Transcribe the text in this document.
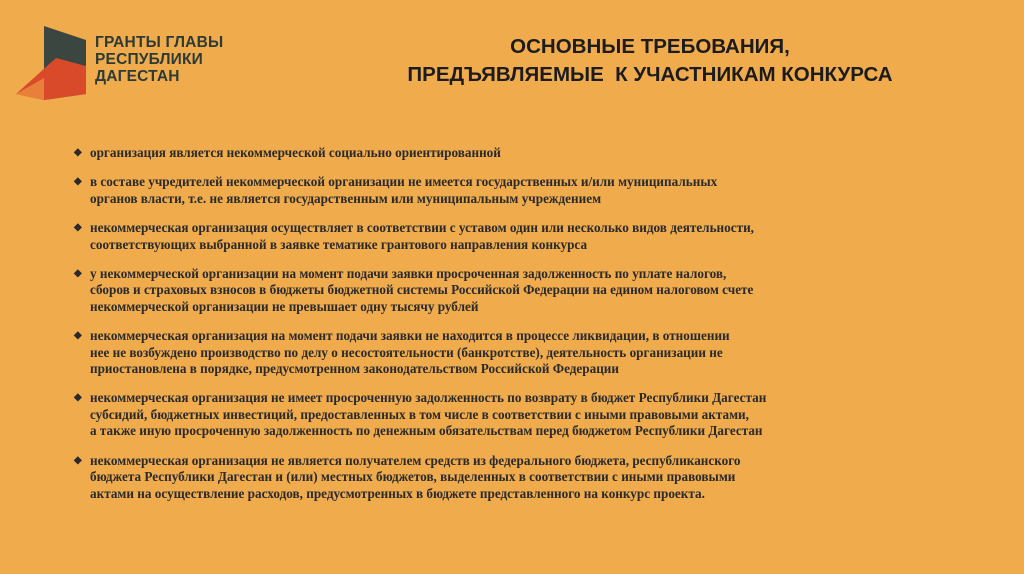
ГРАНТЫ ГЛАВЫ
РЕСПУБЛИКИ
ДАГЕСТАН
ОСНОВНЫЕ ТРЕБОВАНИЯ,
ПРЕДЪЯВЛЯЕМЫЕ  К УЧАСТНИКАМ КОНКУРСА
◆ организация является некоммерческой социально ориентированной
◆ в составе учредителей некоммерческой организации не имеется государственных и/или муниципальных
органов власти, т.е. не является государственным или муниципальным учреждением
◆ некоммерческая организация осуществляет в соответствии с уставом один или несколько видов деятельности,
соответствующих выбранной в заявке тематике грантового направления конкурса
◆ у некоммерческой организации на момент подачи заявки просроченная задолженность по уплате налогов,
сборов и страховых взносов в бюджеты бюджетной системы Российской Федерации на едином налоговом счете
некоммерческой организации не превышает одну тысячу рублей
◆ некоммерческая организация на момент подачи заявки не находится в процессе ликвидации, в отношении
нее не возбуждено производство по делу о несостоятельности (банкротстве), деятельность организации не
приостановлена в порядке, предусмотренном законодательством Российской Федерации
◆ некоммерческая организация не имеет просроченную задолженность по возврату в бюджет Республики Дагестан
субсидий, бюджетных инвестиций, предоставленных в том числе в соответствии с иными правовыми актами,
а также иную просроченную задолженность по денежным обязательствам перед бюджетом Республики Дагестан
◆ некоммерческая организация не является получателем средств из федерального бюджета, республиканского
бюджета Республики Дагестан и (или) местных бюджетов, выделенных в соответствии с иными правовыми
актами на осуществление расходов, предусмотренных в бюджете представленного на конкурс проекта.
